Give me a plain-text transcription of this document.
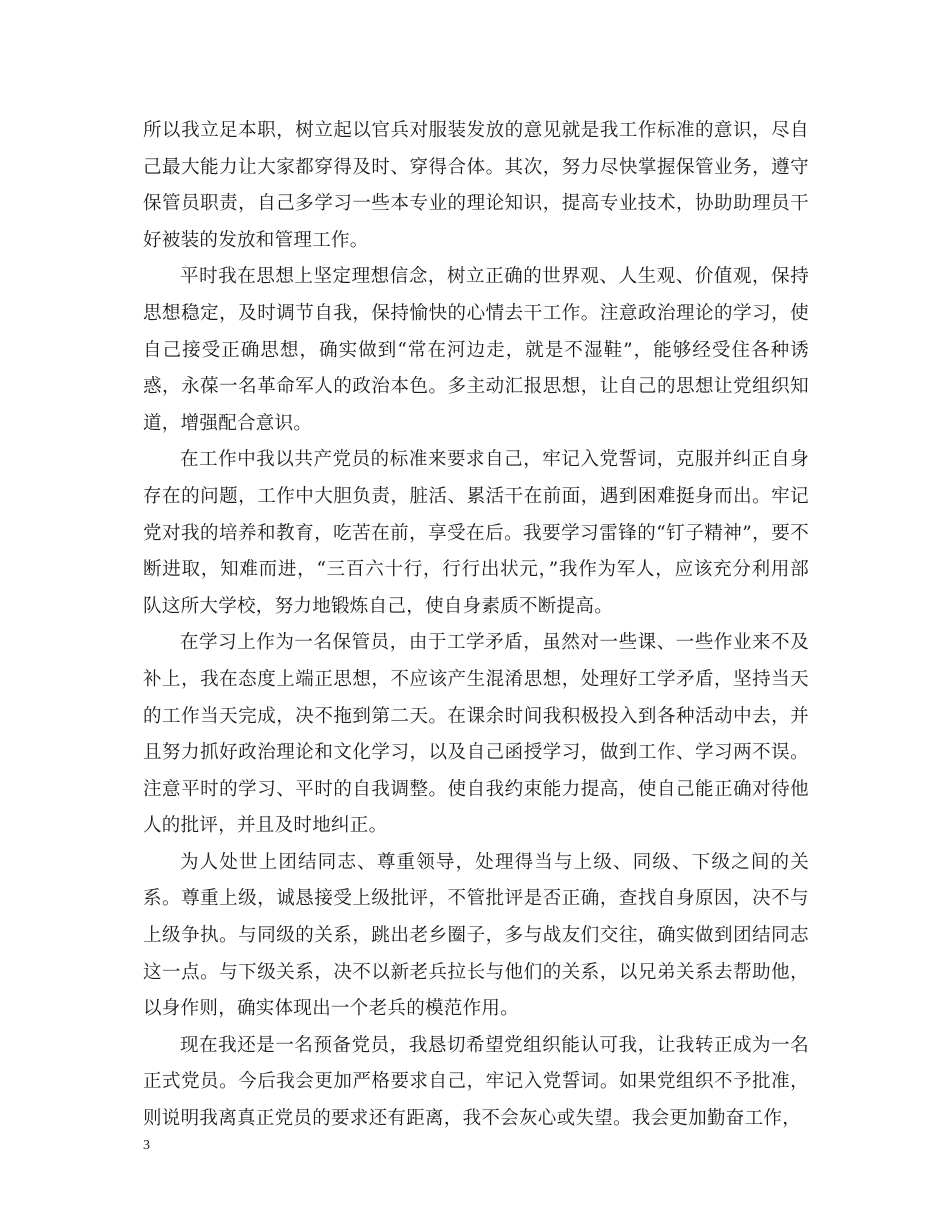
所以我立足本职，树立起以官兵对服装发放的意见就是我工作标准的意识，尽自己最大能力让大家都穿得及时、穿得合体。其次，努力尽快掌握保管业务，遵守保管员职责，自己多学习一些本专业的理论知识，提高专业技术，协助助理员干好被装的发放和管理工作。

平时我在思想上坚定理想信念，树立正确的世界观、人生观、价值观，保持思想稳定，及时调节自我，保持愉快的心情去干工作。注意政治理论的学习，使自己接受正确思想，确实做到“常在河边走，就是不湿鞋”，能够经受住各种诱惑，永葆一名革命军人的政治本色。多主动汇报思想，让自己的思想让党组织知道，增强配合意识。

在工作中我以共产党员的标准来要求自己，牢记入党誓词，克服并纠正自身存在的问题，工作中大胆负责，脏活、累活干在前面，遇到困难挺身而出。牢记党对我的培养和教育，吃苦在前，享受在后。我要学习雷锋的“钉子精神”，要不断进取，知难而进，“三百六十行，行行出状元，”我作为军人，应该充分利用部队这所大学校，努力地锻炼自己，使自身素质不断提高。

在学习上作为一名保管员，由于工学矛盾，虽然对一些课、一些作业来不及补上，我在态度上端正思想，不应该产生混淆思想，处理好工学矛盾，坚持当天的工作当天完成，决不拖到第二天。在课余时间我积极投入到各种活动中去，并且努力抓好政治理论和文化学习，以及自己函授学习，做到工作、学习两不误。注意平时的学习、平时的自我调整。使自我约束能力提高，使自己能正确对待他人的批评，并且及时地纠正。

为人处世上团结同志、尊重领导，处理得当与上级、同级、下级之间的关系。尊重上级，诚恳接受上级批评，不管批评是否正确，查找自身原因，决不与上级争执。与同级的关系，跳出老乡圈子，多与战友们交往，确实做到团结同志这一点。与下级关系，决不以新老兵拉长与他们的关系，以兄弟关系去帮助他，以身作则，确实体现出一个老兵的模范作用。

现在我还是一名预备党员，我恳切希望党组织能认可我，让我转正成为一名正式党员。今后我会更加严格要求自己，牢记入党誓词。如果党组织不予批准，则说明我离真正党员的要求还有距离，我不会灰心或失望。我会更加勤奋工作，

3
